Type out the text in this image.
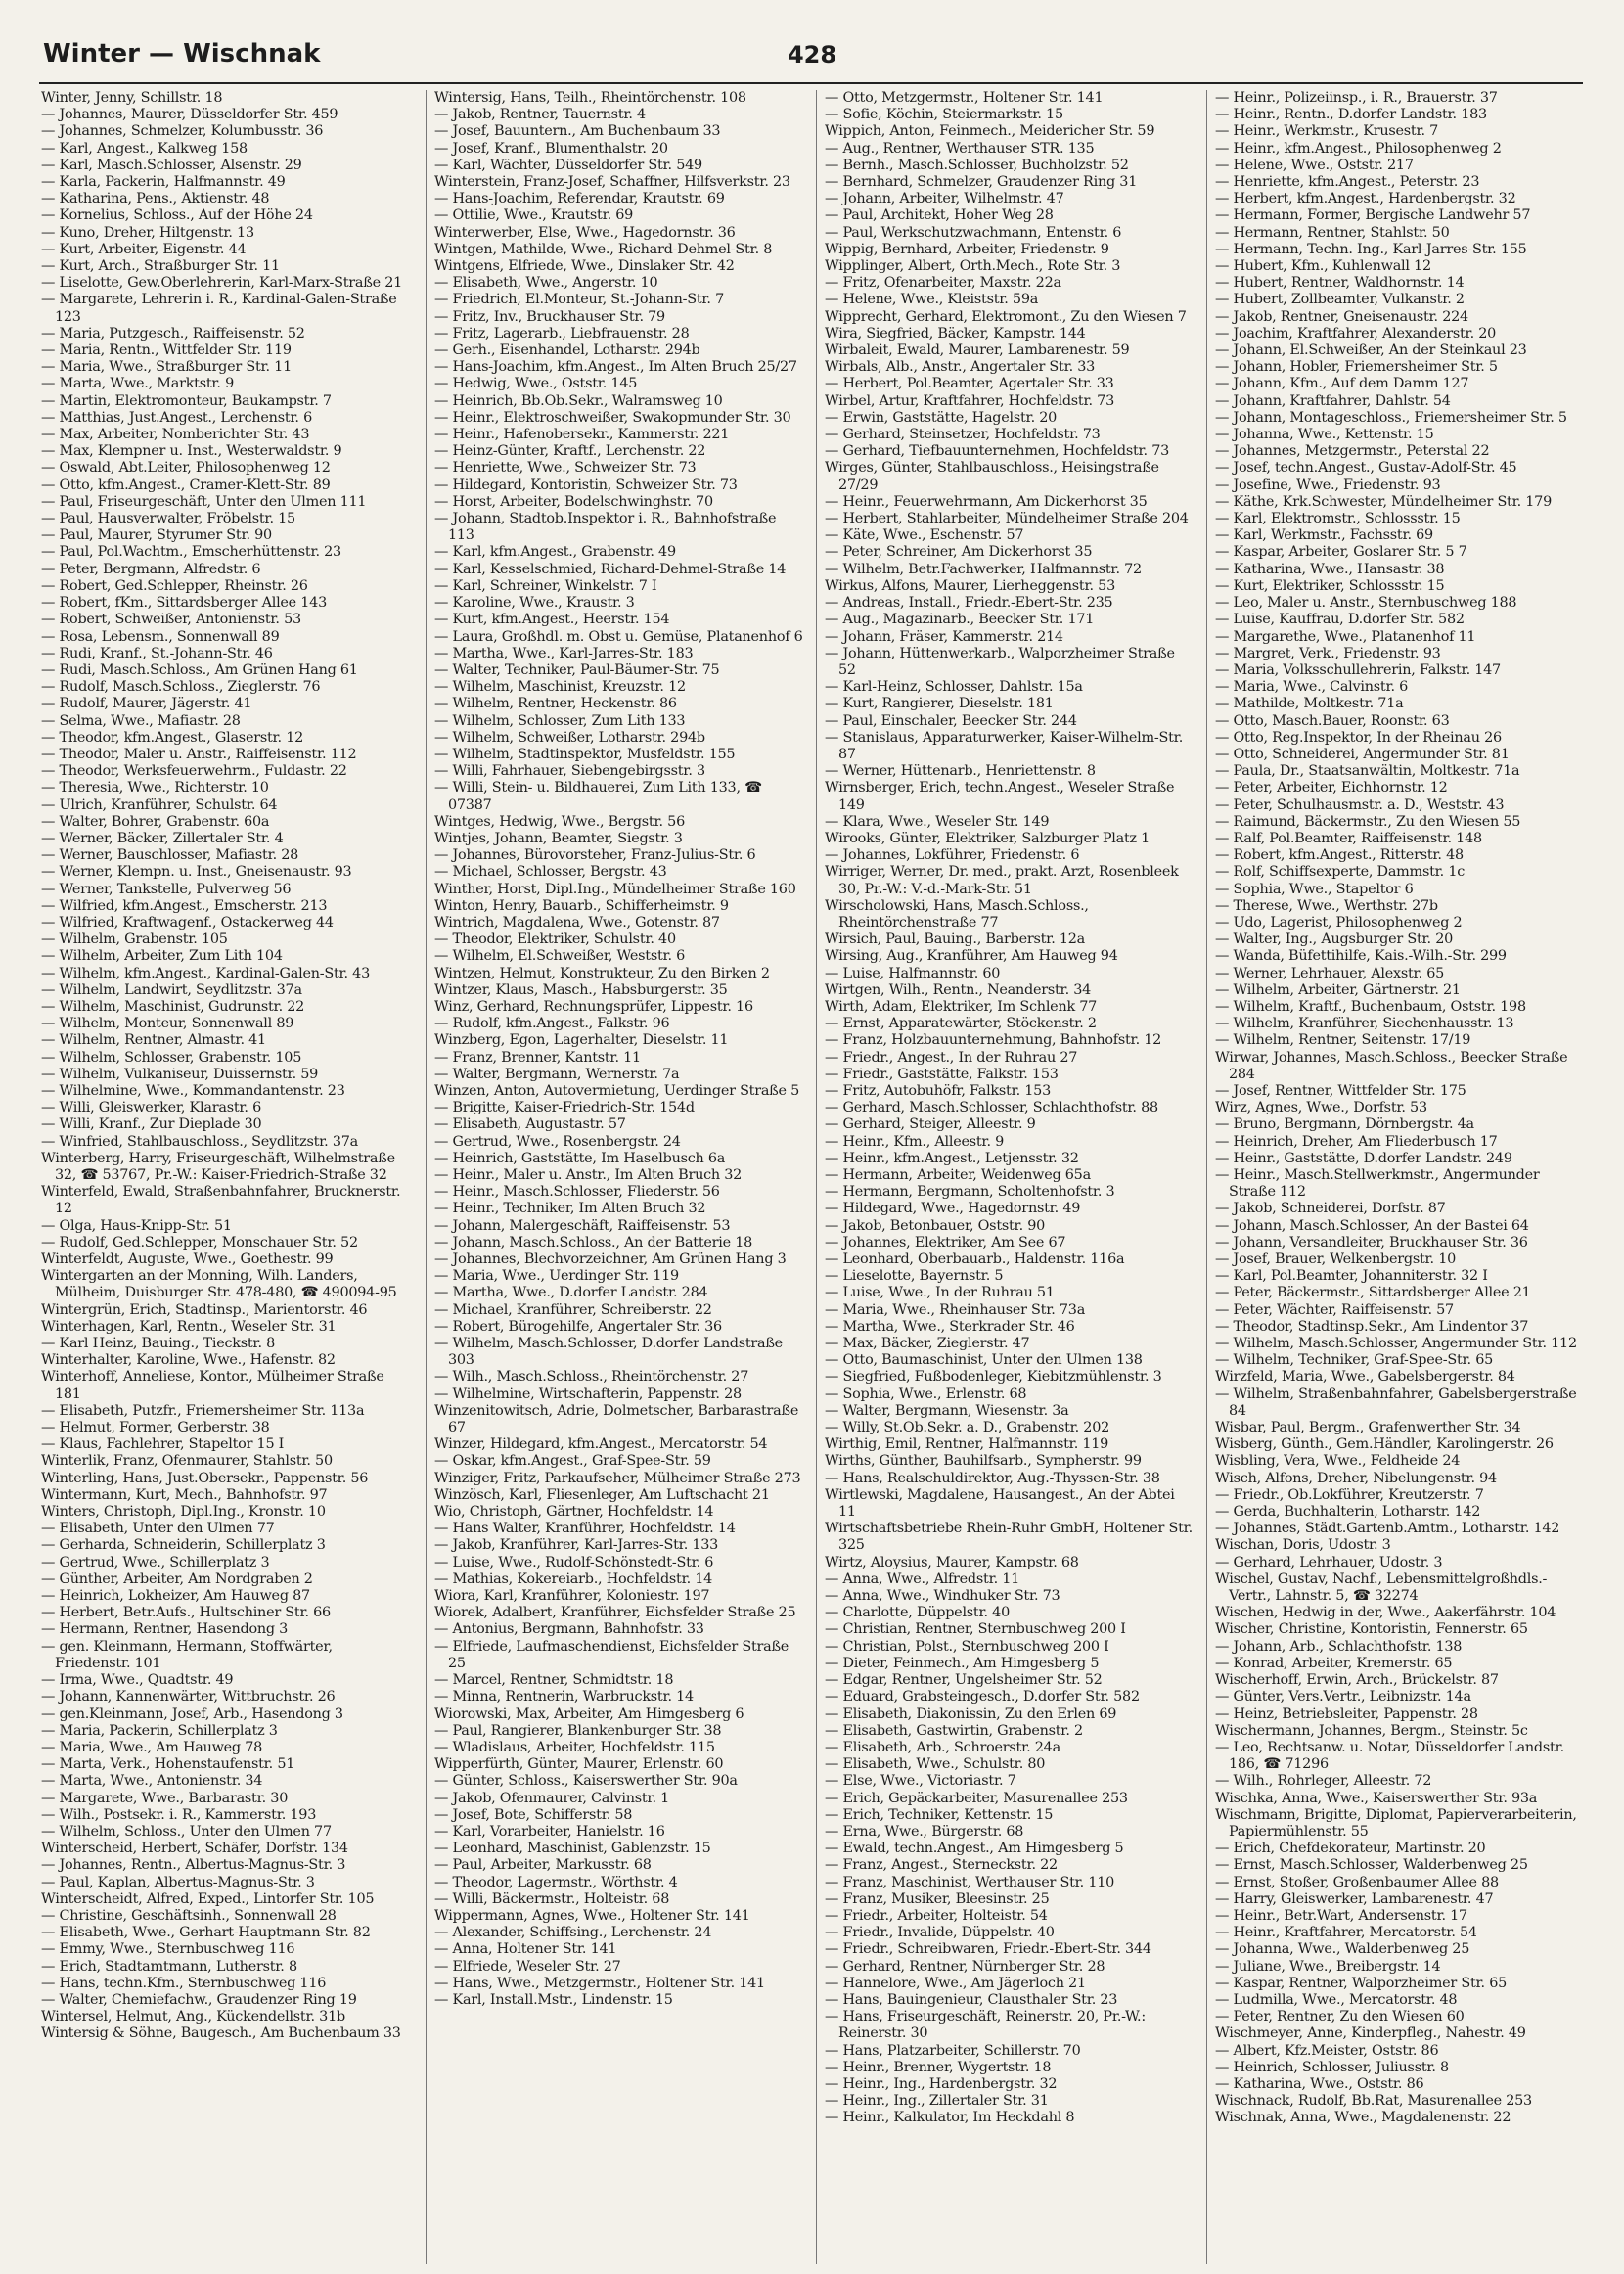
Winter — Wischnak	428
Winter, Jenny, Schillstr. 18
— Johannes, Maurer, Düsseldorfer Str. 459
— Johannes, Schmelzer, Kolumbusstr. 36
— Karl, Angest., Kalkweg 158
— Karl, Masch.Schlosser, Alsenstr. 29
— Karla, Packerin, Halfmannstr. 49
— Katharina, Pens., Aktienstr. 48
— Kornelius, Schloss., Auf der Höhe 24
— Kuno, Dreher, Hiltgenstr. 13
— Kurt, Arbeiter, Eigenstr. 44
— Kurt, Arch., Straßburger Str. 11
— Liselotte, Gew.Oberlehrerin, Karl-Marx-Straße 21
— Margarete, Lehrerin i. R., Kardinal-Galen-Straße 123
— Maria, Putzgesch., Raiffeisenstr. 52
— Maria, Rentn., Wittfelder Str. 119
— Maria, Wwe., Straßburger Str. 11
— Marta, Wwe., Marktstr. 9
— Martin, Elektromonteur, Baukampstr. 7
— Matthias, Just.Angest., Lerchenstr. 6
— Max, Arbeiter, Nomberichter Str. 43
— Max, Klempner u. Inst., Westerwaldstr. 9
— Oswald, Abt.Leiter, Philosophenweg 12
— Otto, kfm.Angest., Cramer-Klett-Str. 89
— Paul, Friseurgeschäft, Unter den Ulmen 111
— Paul, Hausverwalter, Fröbelstr. 15
— Paul, Maurer, Styrumer Str. 90
— Paul, Pol.Wachtm., Emscherhüttenstr. 23
— Peter, Bergmann, Alfredstr. 6
— Robert, Ged.Schlepper, Rheinstr. 26
— Robert, fKm., Sittardsberger Allee 143
— Robert, Schweißer, Antonienstr. 53
— Rosa, Lebensm., Sonnenwall 89
— Rudi, Kranf., St.-Johann-Str. 46
— Rudi, Masch.Schloss., Am Grünen Hang 61
— Rudolf, Masch.Schloss., Zieglerstr. 76
— Rudolf, Maurer, Jägerstr. 41
— Selma, Wwe., Mafiastr. 28
— Theodor, kfm.Angest., Glaserstr. 12
— Theodor, Maler u. Anstr., Raiffeisenstr. 112
— Theodor, Werksfeuerwehrm., Fuldastr. 22
— Theresia, Wwe., Richterstr. 10
— Ulrich, Kranführer, Schulstr. 64
— Walter, Bohrer, Grabenstr. 60a
— Werner, Bäcker, Zillertaler Str. 4
— Werner, Bauschlosser, Mafiastr. 28
— Werner, Klempn. u. Inst., Gneisenaustr. 93
— Werner, Tankstelle, Pulverweg 56
— Wilfried, kfm.Angest., Emscherstr. 213
— Wilfried, Kraftwagenf., Ostackerweg 44
— Wilhelm, Grabenstr. 105
— Wilhelm, Arbeiter, Zum Lith 104
— Wilhelm, kfm.Angest., Kardinal-Galen-Str. 43
— Wilhelm, Landwirt, Seydlitzstr. 37a
— Wilhelm, Maschinist, Gudrunstr. 22
— Wilhelm, Monteur, Sonnenwall 89
— Wilhelm, Rentner, Almastr. 41
— Wilhelm, Schlosser, Grabenstr. 105
— Wilhelm, Vulkaniseur, Duissernstr. 59
— Wilhelmine, Wwe., Kommandantenstr. 23
— Willi, Gleiswerker, Klarastr. 6
— Willi, Kranf., Zur Dieplade 30
— Winfried, Stahlbauschloss., Seydlitzstr. 37a
Winterberg, Harry, Friseurgeschäft, Wilhelmstraße 32, ☎ 53767, Pr.-W.: Kaiser-Friedrich-Straße 32
Winterfeld, Ewald, Straßenbahnfahrer, Brucknerstr. 12
— Olga, Haus-Knipp-Str. 51
— Rudolf, Ged.Schlepper, Monschauer Str. 52
Winterfeldt, Auguste, Wwe., Goethestr. 99
Wintergarten an der Monning, Wilh. Landers, Mülheim, Duisburger Str. 478-480, ☎ 490094-95
Wintergrün, Erich, Stadtinsp., Marientorstr. 46
Winterhagen, Karl, Rentn., Weseler Str. 31
— Karl Heinz, Bauing., Tieckstr. 8
Winterhalter, Karoline, Wwe., Hafenstr. 82
Winterhoff, Anneliese, Kontor., Mülheimer Straße 181
— Elisabeth, Putzfr., Friemersheimer Str. 113a
— Helmut, Former, Gerberstr. 38
— Klaus, Fachlehrer, Stapeltor 15 I
Winterlik, Franz, Ofenmaurer, Stahlstr. 50
Winterling, Hans, Just.Obersekr., Pappenstr. 56
Wintermann, Kurt, Mech., Bahnhofstr. 97
Winters, Christoph, Dipl.Ing., Kronstr. 10
— Elisabeth, Unter den Ulmen 77
— Gerharda, Schneiderin, Schillerplatz 3
— Gertrud, Wwe., Schillerplatz 3
— Günther, Arbeiter, Am Nordgraben 2
— Heinrich, Lokheizer, Am Hauweg 87
— Herbert, Betr.Aufs., Hultschiner Str. 66
— Hermann, Rentner, Hasendong 3
— gen. Kleinmann, Hermann, Stoffwärter, Friedenstr. 101
— Irma, Wwe., Quadtstr. 49
— Johann, Kannenwärter, Wittbruchstr. 26
— gen.Kleinmann, Josef, Arb., Hasendong 3
— Maria, Packerin, Schillerplatz 3
— Maria, Wwe., Am Hauweg 78
— Marta, Verk., Hohenstaufenstr. 51
— Marta, Wwe., Antonienstr. 34
— Margarete, Wwe., Barbarastr. 30
— Wilh., Postsekr. i. R., Kammerstr. 193
— Wilhelm, Schloss., Unter den Ulmen 77
Winterscheid, Herbert, Schäfer, Dorfstr. 134
— Johannes, Rentn., Albertus-Magnus-Str. 3
— Paul, Kaplan, Albertus-Magnus-Str. 3
Winterscheidt, Alfred, Exped., Lintorfer Str. 105
— Christine, Geschäftsinh., Sonnenwall 28
— Elisabeth, Wwe., Gerhart-Hauptmann-Str. 82
— Emmy, Wwe., Sternbuschweg 116
— Erich, Stadtamtmann, Lutherstr. 8
— Hans, techn.Kfm., Sternbuschweg 116
— Walter, Chemiefachw., Graudenzer Ring 19
Wintersel, Helmut, Ang., Kückendellstr. 31b
Wintersig & Söhne, Baugesch., Am Buchenbaum 33
Wintersig, Hans, Teilh., Rheintörchenstr. 108
— Jakob, Rentner, Tauernstr. 4
— Josef, Bauuntern., Am Buchenbaum 33
— Josef, Kranf., Blumenthalstr. 20
— Karl, Wächter, Düsseldorfer Str. 549
Winterstein, Franz-Josef, Schaffner, Hilfsverkstr. 23
— Hans-Joachim, Referendar, Krautstr. 69
— Ottilie, Wwe., Krautstr. 69
Winterwerber, Else, Wwe., Hagedornstr. 36
Wintgen, Mathilde, Wwe., Richard-Dehmel-Str. 8
Wintgens, Elfriede, Wwe., Dinslaker Str. 42
— Elisabeth, Wwe., Angerstr. 10
— Friedrich, El.Monteur, St.-Johann-Str. 7
— Fritz, Inv., Bruckhauser Str. 79
— Fritz, Lagerarb., Liebfrauenstr. 28
— Gerh., Eisenhandel, Lotharstr. 294b
— Hans-Joachim, kfm.Angest., Im Alten Bruch 25/27
— Hedwig, Wwe., Oststr. 145
— Heinrich, Bb.Ob.Sekr., Walramsweg 10
— Heinr., Elektroschweißer, Swakopmunder Str. 30
— Heinr., Hafenobersekr., Kammerstr. 221
— Heinz-Günter, Kraftf., Lerchenstr. 22
— Henriette, Wwe., Schweizer Str. 73
— Hildegard, Kontoristin, Schweizer Str. 73
— Horst, Arbeiter, Bodelschwinghstr. 70
— Johann, Stadtob.Inspektor i. R., Bahnhofstraße 113
— Karl, kfm.Angest., Grabenstr. 49
— Karl, Kesselschmied, Richard-Dehmel-Straße 14
— Karl, Schreiner, Winkelstr. 7 I
— Karoline, Wwe., Kraustr. 3
— Kurt, kfm.Angest., Heerstr. 154
— Laura, Großhdl. m. Obst u. Gemüse, Platanenhof 6
— Martha, Wwe., Karl-Jarres-Str. 183
— Walter, Techniker, Paul-Bäumer-Str. 75
— Wilhelm, Maschinist, Kreuzstr. 12
— Wilhelm, Rentner, Heckenstr. 86
— Wilhelm, Schlosser, Zum Lith 133
— Wilhelm, Schweißer, Lotharstr. 294b
— Wilhelm, Stadtinspektor, Musfeldstr. 155
— Willi, Fahrhauer, Siebengebirgsstr. 3
— Willi, Stein- u. Bildhauerei, Zum Lith 133, ☎ 07387
Wintges, Hedwig, Wwe., Bergstr. 56
Wintjes, Johann, Beamter, Siegstr. 3
— Johannes, Bürovorsteher, Franz-Julius-Str. 6
— Michael, Schlosser, Bergstr. 43
Winther, Horst, Dipl.Ing., Mündelheimer Straße 160
Winton, Henry, Bauarb., Schifferheimstr. 9
Wintrich, Magdalena, Wwe., Gotenstr. 87
— Theodor, Elektriker, Schulstr. 40
— Wilhelm, El.Schweißer, Weststr. 6
Wintzen, Helmut, Konstrukteur, Zu den Birken 2
Wintzer, Klaus, Masch., Habsburgerstr. 35
Winz, Gerhard, Rechnungsprüfer, Lippestr. 16
— Rudolf, kfm.Angest., Falkstr. 96
Winzberg, Egon, Lagerhalter, Dieselstr. 11
— Franz, Brenner, Kantstr. 11
— Walter, Bergmann, Wernerstr. 7a
Winzen, Anton, Autovermietung, Uerdinger Straße 5
— Brigitte, Kaiser-Friedrich-Str. 154d
— Elisabeth, Augustastr. 57
— Gertrud, Wwe., Rosenbergstr. 24
— Heinrich, Gaststätte, Im Haselbusch 6a
— Heinr., Maler u. Anstr., Im Alten Bruch 32
— Heinr., Masch.Schlosser, Fliederstr. 56
— Heinr., Techniker, Im Alten Bruch 32
— Johann, Malergeschäft, Raiffeisenstr. 53
— Johann, Masch.Schloss., An der Batterie 18
— Johannes, Blechvorzeichner, Am Grünen Hang 3
— Maria, Wwe., Uerdinger Str. 119
— Martha, Wwe., D.dorfer Landstr. 284
— Michael, Kranführer, Schreiberstr. 22
— Robert, Bürogehilfe, Angertaler Str. 36
— Wilhelm, Masch.Schlosser, D.dorfer Landstraße 303
— Wilh., Masch.Schloss., Rheintörchenstr. 27
— Wilhelmine, Wirtschafterin, Pappenstr. 28
Winzenitowitsch, Adrie, Dolmetscher, Barbarastraße 67
Winzer, Hildegard, kfm.Angest., Mercatorstr. 54
— Oskar, kfm.Angest., Graf-Spee-Str. 59
Winziger, Fritz, Parkaufseher, Mülheimer Straße 273
Winzösch, Karl, Fliesenleger, Am Luftschacht 21
Wio, Christoph, Gärtner, Hochfeldstr. 14
— Hans Walter, Kranführer, Hochfeldstr. 14
— Jakob, Kranführer, Karl-Jarres-Str. 133
— Luise, Wwe., Rudolf-Schönstedt-Str. 6
— Mathias, Kokereiarb., Hochfeldstr. 14
Wiora, Karl, Kranführer, Koloniestr. 197
Wiorek, Adalbert, Kranführer, Eichsfelder Straße 25
— Antonius, Bergmann, Bahnhofstr. 33
— Elfriede, Laufmaschendienst, Eichsfelder Straße 25
— Marcel, Rentner, Schmidtstr. 18
— Minna, Rentnerin, Warbruckstr. 14
Wiorowski, Max, Arbeiter, Am Himgesberg 6
— Paul, Rangierer, Blankenburger Str. 38
— Wladislaus, Arbeiter, Hochfeldstr. 115
Wipperfürth, Günter, Maurer, Erlenstr. 60
— Günter, Schloss., Kaiserswerther Str. 90a
— Jakob, Ofenmaurer, Calvinstr. 1
— Josef, Bote, Schifferstr. 58
— Karl, Vorarbeiter, Hanielstr. 16
— Leonhard, Maschinist, Gablenzstr. 15
— Paul, Arbeiter, Markusstr. 68
— Theodor, Lagermstr., Wörthstr. 4
— Willi, Bäckermstr., Holteistr. 68
Wippermann, Agnes, Wwe., Holtener Str. 141
— Alexander, Schiffsing., Lerchenstr. 24
— Anna, Holtener Str. 141
— Elfriede, Weseler Str. 27
— Hans, Wwe., Metzgermstr., Holtener Str. 141
— Karl, Install.Mstr., Lindenstr. 15
— Otto, Metzgermstr., Holtener Str. 141
— Sofie, Köchin, Steiermarkstr. 15
Wippich, Anton, Feinmech., Meidericher Str. 59
— Aug., Rentner, Werthauser STR. 135
— Bernh., Masch.Schlosser, Buchholzstr. 52
— Bernhard, Schmelzer, Graudenzer Ring 31
— Johann, Arbeiter, Wilhelmstr. 47
— Paul, Architekt, Hoher Weg 28
— Paul, Werkschutzwachmann, Entenstr. 6
Wippig, Bernhard, Arbeiter, Friedenstr. 9
Wipplinger, Albert, Orth.Mech., Rote Str. 3
— Fritz, Ofenarbeiter, Maxstr. 22a
— Helene, Wwe., Kleiststr. 59a
Wipprecht, Gerhard, Elektromont., Zu den Wiesen 7
Wira, Siegfried, Bäcker, Kampstr. 144
Wirbaleit, Ewald, Maurer, Lambarenestr. 59
Wirbals, Alb., Anstr., Angertaler Str. 33
— Herbert, Pol.Beamter, Agertaler Str. 33
Wirbel, Artur, Kraftfahrer, Hochfeldstr. 73
— Erwin, Gaststätte, Hagelstr. 20
— Gerhard, Steinsetzer, Hochfeldstr. 73
— Gerhard, Tiefbauunternehmen, Hochfeldstr. 73
Wirges, Günter, Stahlbauschloss., Heisingstraße 27/29
— Heinr., Feuerwehrmann, Am Dickerhorst 35
— Herbert, Stahlarbeiter, Mündelheimer Straße 204
— Käte, Wwe., Eschenstr. 57
— Peter, Schreiner, Am Dickerhorst 35
— Wilhelm, Betr.Fachwerker, Halfmannstr. 72
Wirkus, Alfons, Maurer, Lierheggenstr. 53
— Andreas, Install., Friedr.-Ebert-Str. 235
— Aug., Magazinarb., Beecker Str. 171
— Johann, Fräser, Kammerstr. 214
— Johann, Hüttenwerkarb., Walporzheimer Straße 52
— Karl-Heinz, Schlosser, Dahlstr. 15a
— Kurt, Rangierer, Dieselstr. 181
— Paul, Einschaler, Beecker Str. 244
— Stanislaus, Apparaturwerker, Kaiser-Wilhelm-Str. 87
— Werner, Hüttenarb., Henriettenstr. 8
Wirnsberger, Erich, techn.Angest., Weseler Straße 149
— Klara, Wwe., Weseler Str. 149
Wirooks, Günter, Elektriker, Salzburger Platz 1
— Johannes, Lokführer, Friedenstr. 6
Wirriger, Werner, Dr. med., prakt. Arzt, Rosenbleek 30, Pr.-W.: V.-d.-Mark-Str. 51
Wirscholowski, Hans, Masch.Schloss., Rheintörchenstraße 77
Wirsich, Paul, Bauing., Barberstr. 12a
Wirsing, Aug., Kranführer, Am Hauweg 94
— Luise, Halfmannstr. 60
Wirtgen, Wilh., Rentn., Neanderstr. 34
Wirth, Adam, Elektriker, Im Schlenk 77
— Ernst, Apparatewärter, Stöckenstr. 2
— Franz, Holzbauunternehmung, Bahnhofstr. 12
— Friedr., Angest., In der Ruhrau 27
— Friedr., Gaststätte, Falkstr. 153
— Fritz, Autobuhöfr, Falkstr. 153
— Gerhard, Masch.Schlosser, Schlachthofstr. 88
— Gerhard, Steiger, Alleestr. 9
— Heinr., Kfm., Alleestr. 9
— Heinr., kfm.Angest., Letjensstr. 32
— Hermann, Arbeiter, Weidenweg 65a
— Hermann, Bergmann, Scholtenhofstr. 3
— Hildegard, Wwe., Hagedornstr. 49
— Jakob, Betonbauer, Oststr. 90
— Johannes, Elektriker, Am See 67
— Leonhard, Oberbauarb., Haldenstr. 116a
— Lieselotte, Bayernstr. 5
— Luise, Wwe., In der Ruhrau 51
— Maria, Wwe., Rheinhauser Str. 73a
— Martha, Wwe., Sterkrader Str. 46
— Max, Bäcker, Zieglerstr. 47
— Otto, Baumaschinist, Unter den Ulmen 138
— Siegfried, Fußbodenleger, Kiebitzmühlenstr. 3
— Sophia, Wwe., Erlenstr. 68
— Walter, Bergmann, Wiesenstr. 3a
— Willy, St.Ob.Sekr. a. D., Grabenstr. 202
Wirthig, Emil, Rentner, Halfmannstr. 119
Wirths, Günther, Bauhilfsarb., Sympherstr. 99
— Hans, Realschuldirektor, Aug.-Thyssen-Str. 38
Wirtlewski, Magdalene, Hausangest., An der Abtei 11
Wirtschaftsbetriebe Rhein-Ruhr GmbH, Holtener Str. 325
Wirtz, Aloysius, Maurer, Kampstr. 68
— Anna, Wwe., Alfredstr. 11
— Anna, Wwe., Windhuker Str. 73
— Charlotte, Düppelstr. 40
— Christian, Rentner, Sternbuschweg 200 I
— Christian, Polst., Sternbuschweg 200 I
— Dieter, Feinmech., Am Himgesberg 5
— Edgar, Rentner, Ungelsheimer Str. 52
— Eduard, Grabsteingesch., D.dorfer Str. 582
— Elisabeth, Diakonissin, Zu den Erlen 69
— Elisabeth, Gastwirtin, Grabenstr. 2
— Elisabeth, Arb., Schroerstr. 24a
— Elisabeth, Wwe., Schulstr. 80
— Else, Wwe., Victoriastr. 7
— Erich, Gepäckarbeiter, Masurenallee 253
— Erich, Techniker, Kettenstr. 15
— Erna, Wwe., Bürgerstr. 68
— Ewald, techn.Angest., Am Himgesberg 5
— Franz, Angest., Sterneckstr. 22
— Franz, Maschinist, Werthauser Str. 110
— Franz, Musiker, Bleesinstr. 25
— Friedr., Arbeiter, Holteistr. 54
— Friedr., Invalide, Düppelstr. 40
— Friedr., Schreibwaren, Friedr.-Ebert-Str. 344
— Gerhard, Rentner, Nürnberger Str. 28
— Hannelore, Wwe., Am Jägerloch 21
— Hans, Bauingenieur, Clausthaler Str. 23
— Hans, Friseurgeschäft, Reinerstr. 20, Pr.-W.: Reinerstr. 30
— Hans, Platzarbeiter, Schillerstr. 70
— Heinr., Brenner, Wygertstr. 18
— Heinr., Ing., Hardenbergstr. 32
— Heinr., Ing., Zillertaler Str. 31
— Heinr., Kalkulator, Im Heckdahl 8
— Heinr., Polizeiinsp., i. R., Brauerstr. 37
— Heinr., Rentn., D.dorfer Landstr. 183
— Heinr., Werkmstr., Krusestr. 7
— Heinr., kfm.Angest., Philosophenweg 2
— Helene, Wwe., Oststr. 217
— Henriette, kfm.Angest., Peterstr. 23
— Herbert, kfm.Angest., Hardenbergstr. 32
— Hermann, Former, Bergische Landwehr 57
— Hermann, Rentner, Stahlstr. 50
— Hermann, Techn. Ing., Karl-Jarres-Str. 155
— Hubert, Kfm., Kuhlenwall 12
— Hubert, Rentner, Waldhornstr. 14
— Hubert, Zollbeamter, Vulkanstr. 2
— Jakob, Rentner, Gneisenaustr. 224
— Joachim, Kraftfahrer, Alexanderstr. 20
— Johann, El.Schweißer, An der Steinkaul 23
— Johann, Hobler, Friemersheimer Str. 5
— Johann, Kfm., Auf dem Damm 127
— Johann, Kraftfahrer, Dahlstr. 54
— Johann, Montageschloss., Friemersheimer Str. 5
— Johanna, Wwe., Kettenstr. 15
— Johannes, Metzgermstr., Peterstal 22
— Josef, techn.Angest., Gustav-Adolf-Str. 45
— Josefine, Wwe., Friedenstr. 93
— Käthe, Krk.Schwester, Mündelheimer Str. 179
— Karl, Elektromstr., Schlossstr. 15
— Karl, Werkmstr., Fachsstr. 69
— Kaspar, Arbeiter, Goslarer Str. 5 7
— Katharina, Wwe., Hansastr. 38
— Kurt, Elektriker, Schlossstr. 15
— Leo, Maler u. Anstr., Sternbuschweg 188
— Luise, Kauffrau, D.dorfer Str. 582
— Margarethe, Wwe., Platanenhof 11
— Margret, Verk., Friedenstr. 93
— Maria, Volksschullehrerin, Falkstr. 147
— Maria, Wwe., Calvinstr. 6
— Mathilde, Moltkestr. 71a
— Otto, Masch.Bauer, Roonstr. 63
— Otto, Reg.Inspektor, In der Rheinau 26
— Otto, Schneiderei, Angermunder Str. 81
— Paula, Dr., Staatsanwältin, Moltkestr. 71a
— Peter, Arbeiter, Eichhornstr. 12
— Peter, Schulhausmstr. a. D., Weststr. 43
— Raimund, Bäckermstr., Zu den Wiesen 55
— Ralf, Pol.Beamter, Raiffeisenstr. 148
— Robert, kfm.Angest., Ritterstr. 48
— Rolf, Schiffsexperte, Dammstr. 1c
— Sophia, Wwe., Stapeltor 6
— Therese, Wwe., Werthstr. 27b
— Udo, Lagerist, Philosophenweg 2
— Walter, Ing., Augsburger Str. 20
— Wanda, Büfettihilfe, Kais.-Wilh.-Str. 299
— Werner, Lehrhauer, Alexstr. 65
— Wilhelm, Arbeiter, Gärtnerstr. 21
— Wilhelm, Kraftf., Buchenbaum, Oststr. 198
— Wilhelm, Kranführer, Siechenhausstr. 13
— Wilhelm, Rentner, Seitenstr. 17/19
Wirwar, Johannes, Masch.Schloss., Beecker Straße 284
— Josef, Rentner, Wittfelder Str. 175
Wirz, Agnes, Wwe., Dorfstr. 53
— Bruno, Bergmann, Dörnbergstr. 4a
— Heinrich, Dreher, Am Fliederbusch 17
— Heinr., Gaststätte, D.dorfer Landstr. 249
— Heinr., Masch.Stellwerkmstr., Angermunder Straße 112
— Jakob, Schneiderei, Dorfstr. 87
— Johann, Masch.Schlosser, An der Bastei 64
— Johann, Versandleiter, Bruckhauser Str. 36
— Josef, Brauer, Welkenbergstr. 10
— Karl, Pol.Beamter, Johanniterstr. 32 I
— Peter, Bäckermstr., Sittardsberger Allee 21
— Peter, Wächter, Raiffeisenstr. 57
— Theodor, Stadtinsp.Sekr., Am Lindentor 37
— Wilhelm, Masch.Schlosser, Angermunder Str. 112
— Wilhelm, Techniker, Graf-Spee-Str. 65
Wirzfeld, Maria, Wwe., Gabelsbergerstr. 84
— Wilhelm, Straßenbahnfahrer, Gabelsbergerstraße 84
Wisbar, Paul, Bergm., Grafenwerther Str. 34
Wisberg, Günth., Gem.Händler, Karolingerstr. 26
Wisbling, Vera, Wwe., Feldheide 24
Wisch, Alfons, Dreher, Nibelungenstr. 94
— Friedr., Ob.Lokführer, Kreutzerstr. 7
— Gerda, Buchhalterin, Lotharstr. 142
— Johannes, Städt.Gartenb.Amtm., Lotharstr. 142
Wischan, Doris, Udostr. 3
— Gerhard, Lehrhauer, Udostr. 3
Wischel, Gustav, Nachf., Lebensmittelgroßhdls.-Vertr., Lahnstr. 5, ☎ 32274
Wischen, Hedwig in der, Wwe., Aakerfährstr. 104
Wischer, Christine, Kontoristin, Fennerstr. 65
— Johann, Arb., Schlachthofstr. 138
— Konrad, Arbeiter, Kremerstr. 65
Wischerhoff, Erwin, Arch., Brückelstr. 87
— Günter, Vers.Vertr., Leibnizstr. 14a
— Heinz, Betriebsleiter, Pappenstr. 28
Wischermann, Johannes, Bergm., Steinstr. 5c
— Leo, Rechtsanw. u. Notar, Düsseldorfer Landstr. 186, ☎ 71296
— Wilh., Rohrleger, Alleestr. 72
Wischka, Anna, Wwe., Kaiserswerther Str. 93a
Wischmann, Brigitte, Diplomat, Papierverarbeiterin, Papiermühlenstr. 55
— Erich, Chefdekorateur, Martinstr. 20
— Ernst, Masch.Schlosser, Walderbenweg 25
— Ernst, Stoßer, Großenbaumer Allee 88
— Harry, Gleiswerker, Lambarenestr. 47
— Heinr., Betr.Wart, Andersenstr. 17
— Heinr., Kraftfahrer, Mercatorstr. 54
— Johanna, Wwe., Walderbenweg 25
— Juliane, Wwe., Breibergstr. 14
— Kaspar, Rentner, Walporzheimer Str. 65
— Ludmilla, Wwe., Mercatorstr. 48
— Peter, Rentner, Zu den Wiesen 60
Wischmeyer, Anne, Kinderpfleg., Nahestr. 49
— Albert, Kfz.Meister, Oststr. 86
— Heinrich, Schlosser, Juliusstr. 8
— Katharina, Wwe., Oststr. 86
Wischnack, Rudolf, Bb.Rat, Masurenallee 253
Wischnak, Anna, Wwe., Magdalenenstr. 22
